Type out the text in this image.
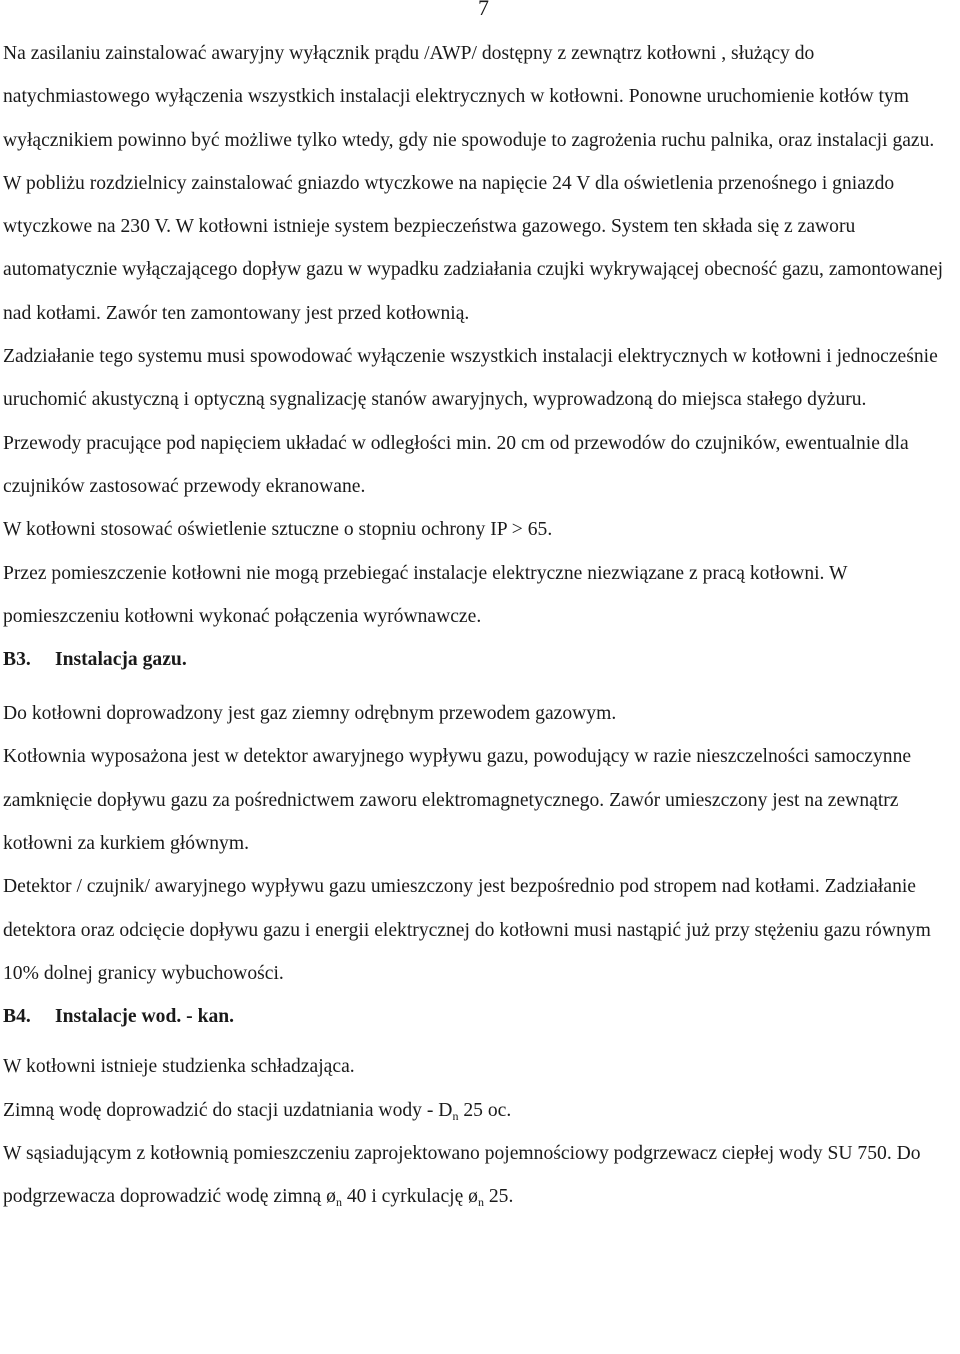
7

Na zasilaniu zainstalować awaryjny wyłącznik prądu /AWP/ dostępny z zewnątrz kotłowni , służący do natychmiastowego wyłączenia wszystkich instalacji elektrycznych w kotłowni. Ponowne uruchomienie kotłów tym wyłącznikiem powinno być możliwe tylko wtedy, gdy nie spowoduje to zagrożenia ruchu palnika, oraz instalacji gazu.

W pobliżu rozdzielnicy zainstalować gniazdo wtyczkowe na napięcie 24 V dla oświetlenia przenośnego i gniazdo wtyczkowe na 230 V. W kotłowni istnieje system bezpieczeństwa gazowego. System ten składa się z zaworu automatycznie wyłączającego dopływ gazu w wypadku zadziałania czujki wykrywającej obecność gazu, zamontowanej nad kotłami. Zawór ten zamontowany jest przed kotłownią.

Zadziałanie tego systemu musi spowodować wyłączenie wszystkich instalacji elektrycznych w kotłowni i jednocześnie uruchomić akustyczną i optyczną sygnalizację stanów awaryjnych, wyprowadzoną do miejsca stałego dyżuru.

Przewody pracujące pod napięciem układać w odległości min. 20 cm od przewodów do czujników, ewentualnie dla czujników zastosować przewody ekranowane.

W kotłowni stosować oświetlenie sztuczne o stopniu ochrony IP > 65.

Przez pomieszczenie kotłowni nie mogą przebiegać instalacje elektryczne niezwiązane z pracą kotłowni. W pomieszczeniu kotłowni wykonać połączenia wyrównawcze.

B3. Instalacja gazu.

Do kotłowni doprowadzony jest gaz ziemny odrębnym przewodem gazowym.

Kotłownia wyposażona jest w detektor awaryjnego wypływu gazu, powodujący w razie nieszczelności samoczynne zamknięcie dopływu gazu za pośrednictwem zaworu elektromagnetycznego. Zawór umieszczony jest na zewnątrz kotłowni za kurkiem głównym.

Detektor / czujnik/ awaryjnego wypływu gazu umieszczony jest bezpośrednio pod stropem nad kotłami. Zadziałanie detektora oraz odcięcie dopływu gazu i energii elektrycznej do kotłowni musi nastąpić już przy stężeniu gazu równym 10% dolnej granicy wybuchowości.

B4. Instalacje wod. - kan.

W kotłowni istnieje studzienka schładzająca.

Zimną wodę doprowadzić do stacji uzdatniania wody - $D_n$ 25 oc.

W sąsiadującym z kotłownią pomieszczeniu zaprojektowano pojemnościowy podgrzewacz ciepłej wody SU 750. Do podgrzewacza doprowadzić wodę zimną $ø_n$ 40 i cyrkulację $ø_n$ 25.
